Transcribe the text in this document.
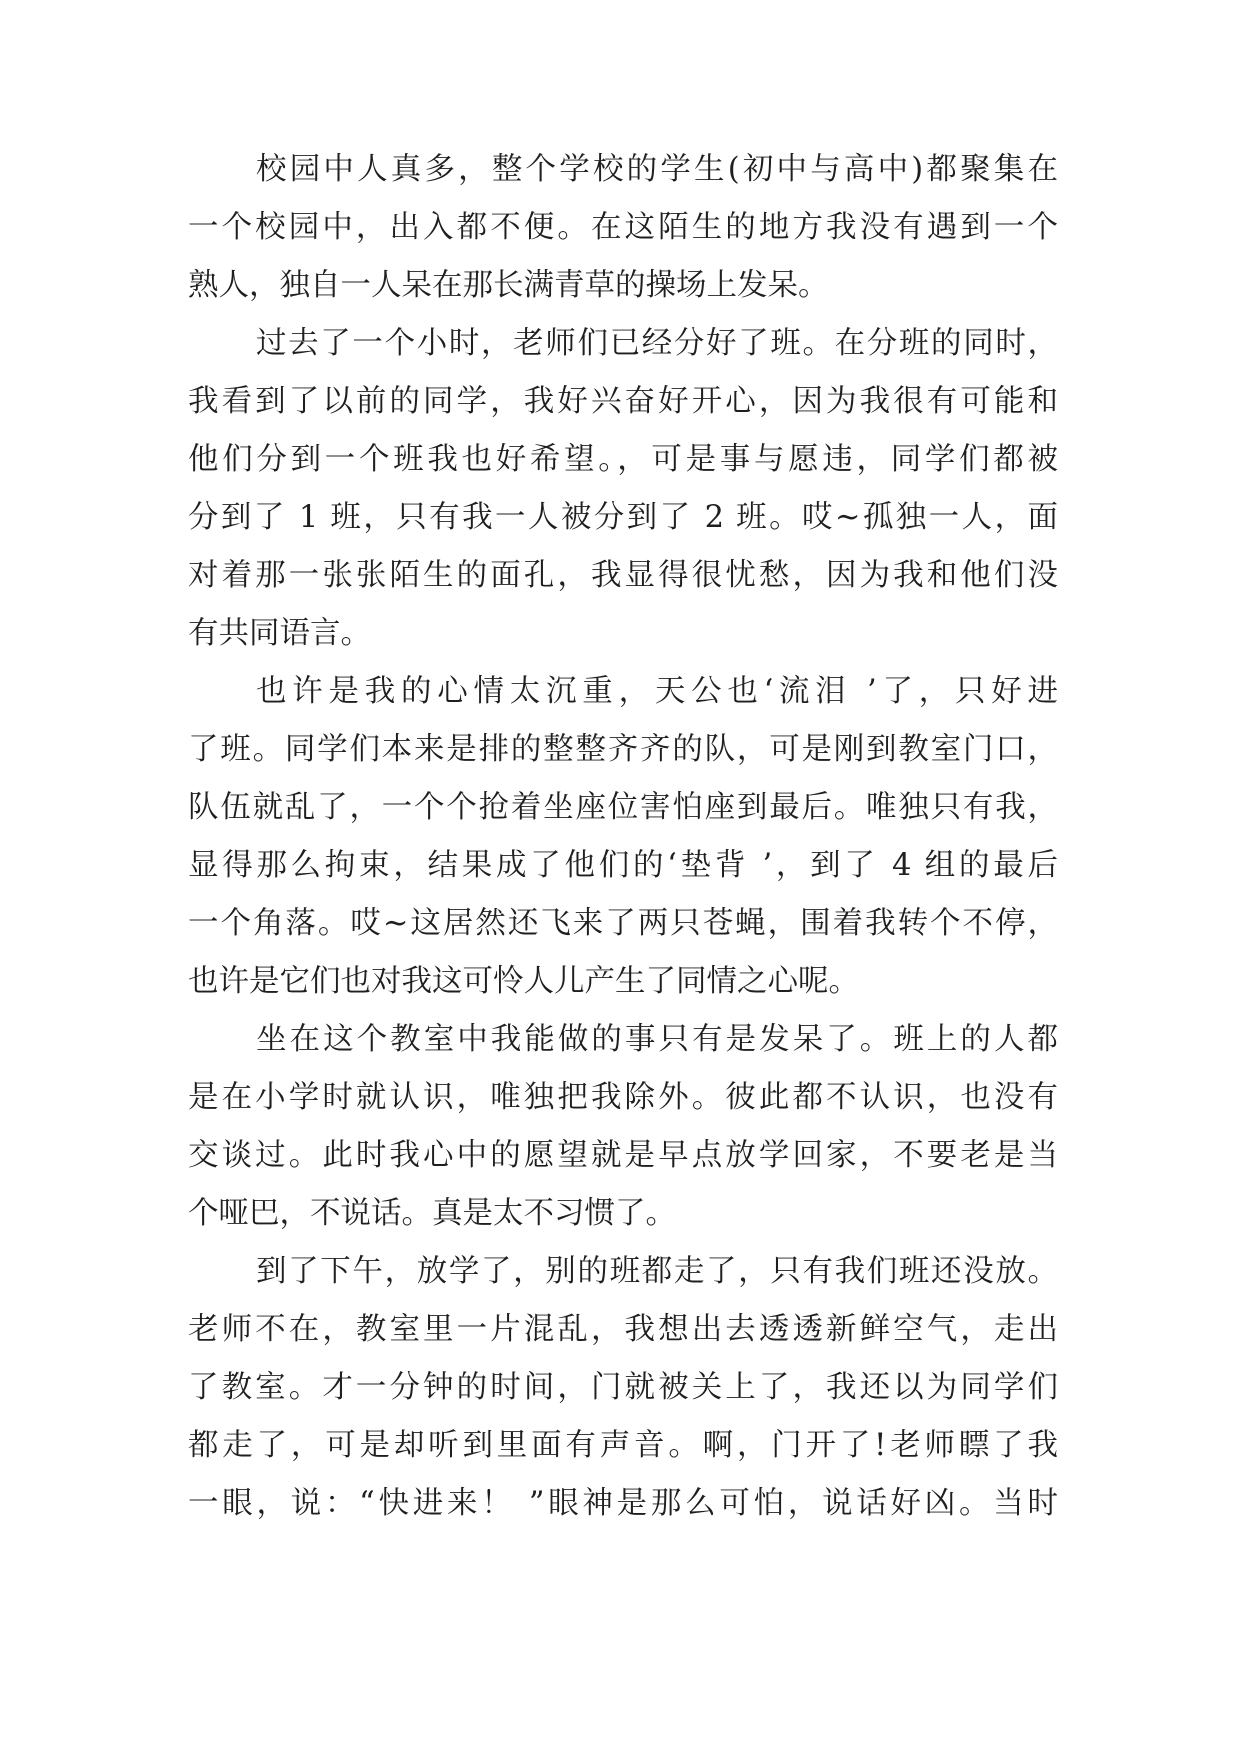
校园中人真多，整个学校的学生(初中与高中)都聚集在
一个校园中，出入都不便。在这陌生的地方我没有遇到一个
熟人，独自一人呆在那长满青草的操场上发呆。
过去了一个小时，老师们已经分好了班。在分班的同时，
我看到了以前的同学，我好兴奋好开心，因为我很有可能和
他们分到一个班我也好希望。，可是事与愿违，同学们都被
分到了 1 班，只有我一人被分到了 2 班。哎~孤独一人，面
对着那一张张陌生的面孔，我显得很忧愁，因为我和他们没
有共同语言。
也许是我的心情太沉重，天公也‘流泪 ’了，只好进
了班。同学们本来是排的整整齐齐的队，可是刚到教室门口，
队伍就乱了，一个个抢着坐座位害怕座到最后。唯独只有我，
显得那么拘束，结果成了他们的‘垫背 ’，到了 4 组的最后
一个角落。哎~这居然还飞来了两只苍蝇，围着我转个不停，
也许是它们也对我这可怜人儿产生了同情之心呢。
坐在这个教室中我能做的事只有是发呆了。班上的人都
是在小学时就认识，唯独把我除外。彼此都不认识，也没有
交谈过。此时我心中的愿望就是早点放学回家，不要老是当
个哑巴，不说话。真是太不习惯了。
到了下午，放学了，别的班都走了，只有我们班还没放。
老师不在，教室里一片混乱，我想出去透透新鲜空气，走出
了教室。才一分钟的时间，门就被关上了，我还以为同学们
都走了，可是却听到里面有声音。啊，门开了!老师瞟了我
一眼，说：“快进来！ ”眼神是那么可怕，说话好凶。当时
